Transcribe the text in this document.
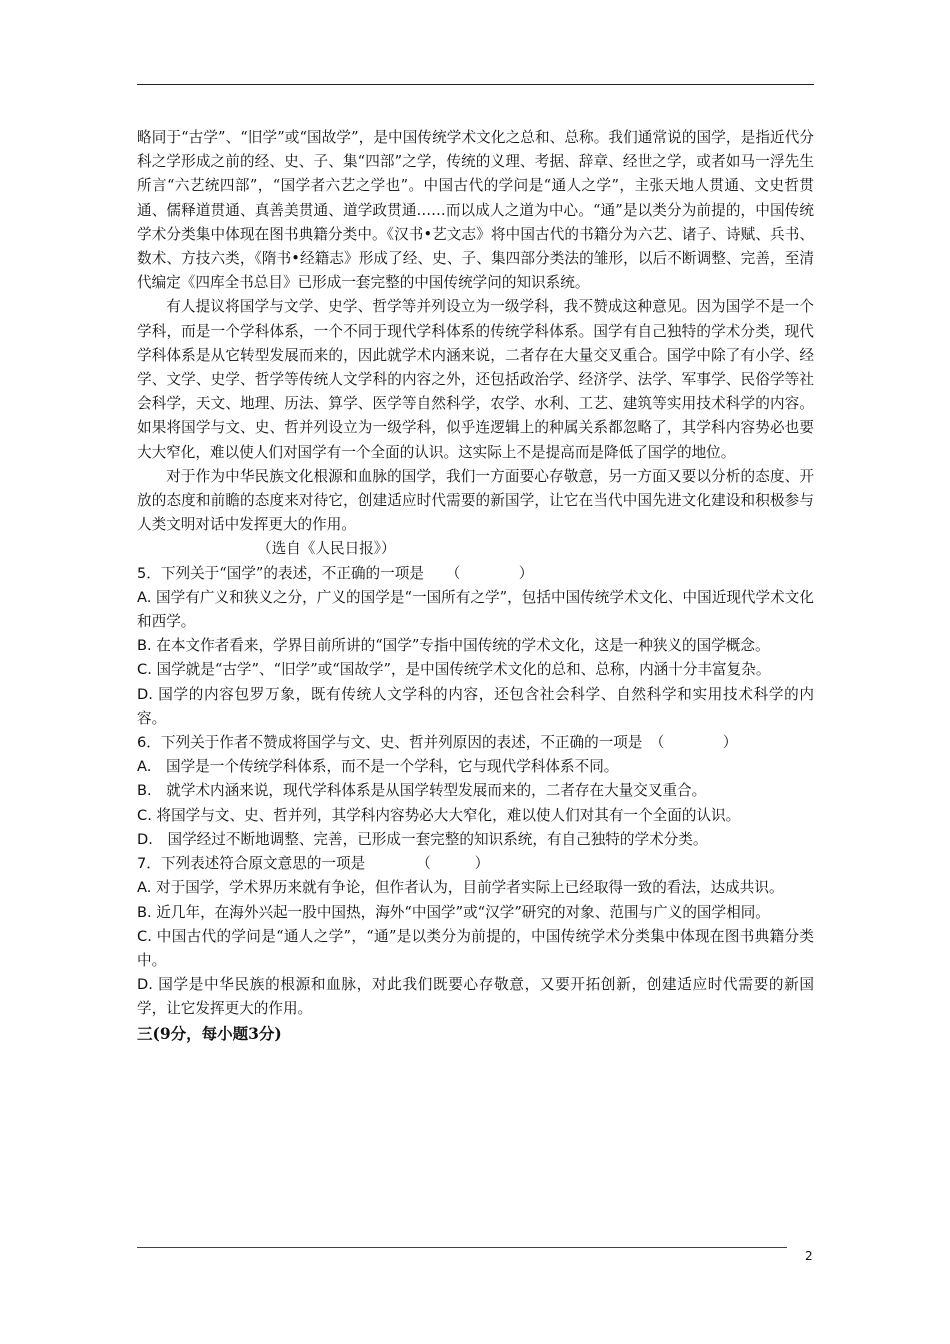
略同于“古学”、“旧学”或“国故学”，是中国传统学术文化之总和、总称。我们通常说的国学，是指近代分科之学形成之前的经、史、子、集“四部”之学，传统的义理、考据、辞章、经世之学，或者如马一浮先生所言“六艺统四部”，“国学者六艺之学也”。中国古代的学问是“通人之学”，主张天地人贯通、文史哲贯通、儒释道贯通、真善美贯通、道学政贯通……而以成人之道为中心。“通”是以类分为前提的，中国传统学术分类集中体现在图书典籍分类中。《汉书•艺文志》将中国古代的书籍分为六艺、诸子、诗赋、兵书、数术、方技六类，《隋书•经籍志》形成了经、史、子、集四部分类法的雏形，以后不断调整、完善，至清代编定《四库全书总目》已形成一套完整的中国传统学问的知识系统。

有人提议将国学与文学、史学、哲学等并列设立为一级学科，我不赞成这种意见。因为国学不是一个学科，而是一个学科体系，一个不同于现代学科体系的传统学科体系。国学有自己独特的学术分类，现代学科体系是从它转型发展而来的，因此就学术内涵来说，二者存在大量交叉重合。国学中除了有小学、经学、文学、史学、哲学等传统人文学科的内容之外，还包括政治学、经济学、法学、军事学、民俗学等社会科学，天文、地理、历法、算学、医学等自然科学，农学、水利、工艺、建筑等实用技术科学的内容。如果将国学与文、史、哲并列设立为一级学科，似乎连逻辑上的种属关系都忽略了，其学科内容势必也要大大窄化，难以使人们对国学有一个全面的认识。这实际上不是提高而是降低了国学的地位。

对于作为中华民族文化根源和血脉的国学，我们一方面要心存敬意，另一方面又要以分析的态度、开放的态度和前瞻的态度来对待它，创建适应时代需要的新国学，让它在当代中国先进文化建设和积极参与人类文明对话中发挥更大的作用。

（选自《人民日报》）

5．下列关于“国学”的表述，不正确的一项是　　（　　　　）

A. 国学有广义和狭义之分，广义的国学是“一国所有之学”，包括中国传统学术文化、中国近现代学术文化和西学。

B. 在本文作者看来，学界目前所讲的“国学”专指中国传统的学术文化，这是一种狭义的国学概念。

C. 国学就是“古学”、“旧学”或“国故学”，是中国传统学术文化的总和、总称，内涵十分丰富复杂。

D. 国学的内容包罗万象，既有传统人文学科的内容，还包含社会科学、自然科学和实用技术科学的内容。

6．下列关于作者不赞成将国学与文、史、哲并列原因的表述，不正确的一项是　（　　　　）

A.　国学是一个传统学科体系，而不是一个学科，它与现代学科体系不同。

B.　就学术内涵来说，现代学科体系是从国学转型发展而来的，二者存在大量交叉重合。

C. 将国学与文、史、哲并列，其学科内容势必大大窄化，难以使人们对其有一个全面的认识。

D.　国学经过不断地调整、完善，已形成一套完整的知识系统，有自己独特的学术分类。

7．下列表述符合原文意思的一项是　　　　（　　　）

A. 对于国学，学术界历来就有争论，但作者认为，目前学者实际上已经取得一致的看法，达成共识。

B. 近几年，在海外兴起一股中国热，海外“中国学”或“汉学”研究的对象、范围与广义的国学相同。

C. 中国古代的学问是“通人之学”，“通”是以类分为前提的，中国传统学术分类集中体现在图书典籍分类中。

D. 国学是中华民族的根源和血脉，对此我们既要心存敬意，又要开拓创新，创建适应时代需要的新国学，让它发挥更大的作用。

三(9分，每小题3分)

2
